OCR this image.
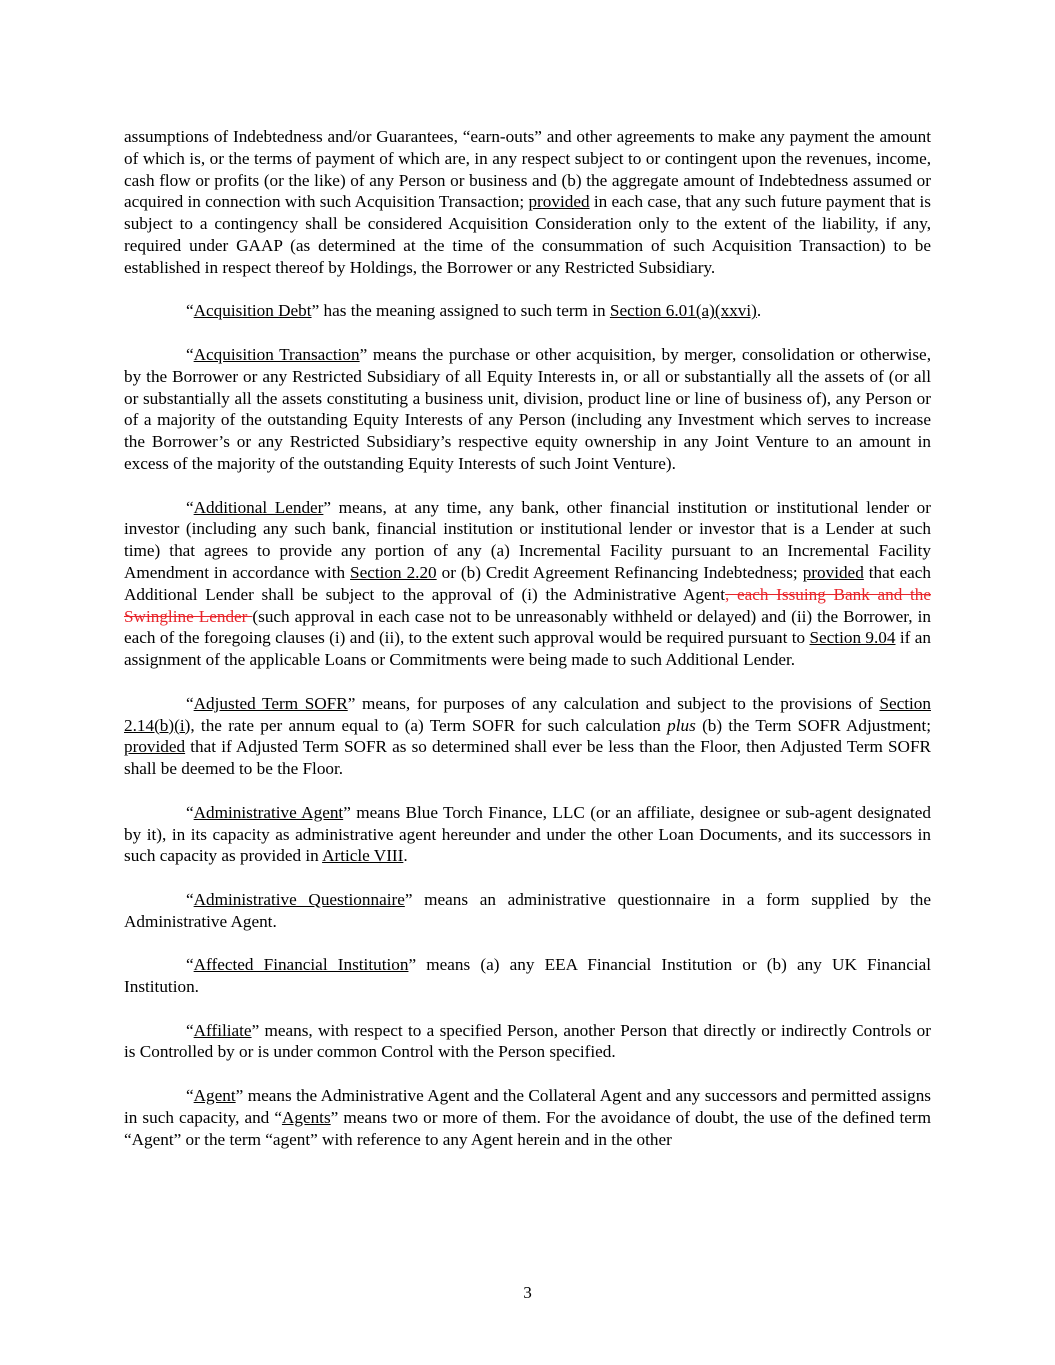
assumptions of Indebtedness and/or Guarantees, “earn-outs” and other agreements to make any payment the amount of which is, or the terms of payment of which are, in any respect subject to or contingent upon the revenues, income, cash flow or profits (or the like) of any Person or business and (b) the aggregate amount of Indebtedness assumed or acquired in connection with such Acquisition Transaction; provided in each case, that any such future payment that is subject to a contingency shall be considered Acquisition Consideration only to the extent of the liability, if any, required under GAAP (as determined at the time of the consummation of such Acquisition Transaction) to be established in respect thereof by Holdings, the Borrower or any Restricted Subsidiary.

“Acquisition Debt” has the meaning assigned to such term in Section 6.01(a)(xxvi).

“Acquisition Transaction” means the purchase or other acquisition, by merger, consolidation or otherwise, by the Borrower or any Restricted Subsidiary of all Equity Interests in, or all or substantially all the assets of (or all or substantially all the assets constituting a business unit, division, product line or line of business of), any Person or of a majority of the outstanding Equity Interests of any Person (including any Investment which serves to increase the Borrower’s or any Restricted Subsidiary’s respective equity ownership in any Joint Venture to an amount in excess of the majority of the outstanding Equity Interests of such Joint Venture).

“Additional Lender” means, at any time, any bank, other financial institution or institutional lender or investor (including any such bank, financial institution or institutional lender or investor that is a Lender at such time) that agrees to provide any portion of any (a) Incremental Facility pursuant to an Incremental Facility Amendment in accordance with Section 2.20 or (b) Credit Agreement Refinancing Indebtedness; provided that each Additional Lender shall be subject to the approval of (i) the Administrative Agent, each Issuing Bank and the Swingline Lender (such approval in each case not to be unreasonably withheld or delayed) and (ii) the Borrower, in each of the foregoing clauses (i) and (ii), to the extent such approval would be required pursuant to Section 9.04 if an assignment of the applicable Loans or Commitments were being made to such Additional Lender.

“Adjusted Term SOFR” means, for purposes of any calculation and subject to the provisions of Section 2.14(b)(i), the rate per annum equal to (a) Term SOFR for such calculation plus (b) the Term SOFR Adjustment; provided that if Adjusted Term SOFR as so determined shall ever be less than the Floor, then Adjusted Term SOFR shall be deemed to be the Floor.

“Administrative Agent” means Blue Torch Finance, LLC (or an affiliate, designee or sub-agent designated by it), in its capacity as administrative agent hereunder and under the other Loan Documents, and its successors in such capacity as provided in Article VIII.

“Administrative Questionnaire” means an administrative questionnaire in a form supplied by the Administrative Agent.

“Affected Financial Institution” means (a) any EEA Financial Institution or (b) any UK Financial Institution.

“Affiliate” means, with respect to a specified Person, another Person that directly or indirectly Controls or is Controlled by or is under common Control with the Person specified.

“Agent” means the Administrative Agent and the Collateral Agent and any successors and permitted assigns in such capacity, and “Agents” means two or more of them. For the avoidance of doubt, the use of the defined term “Agent” or the term “agent” with reference to any Agent herein and in the other

3
